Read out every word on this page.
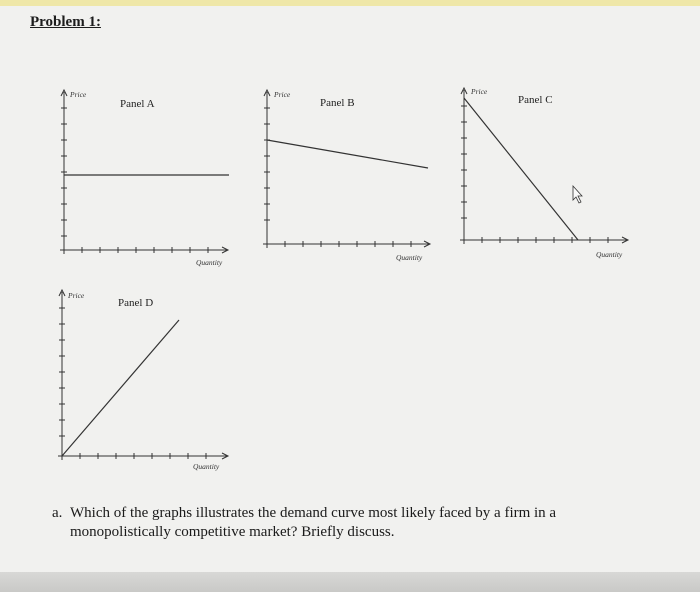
Problem 1:
Price
Quantity
Panel A
Price
Quantity
Panel B
Price
Quantity
Panel C
Price
Quantity
Panel D
a. Which of the graphs illustrates the demand curve most likely faced by a firm in a monopolistically competitive market? Briefly discuss.
